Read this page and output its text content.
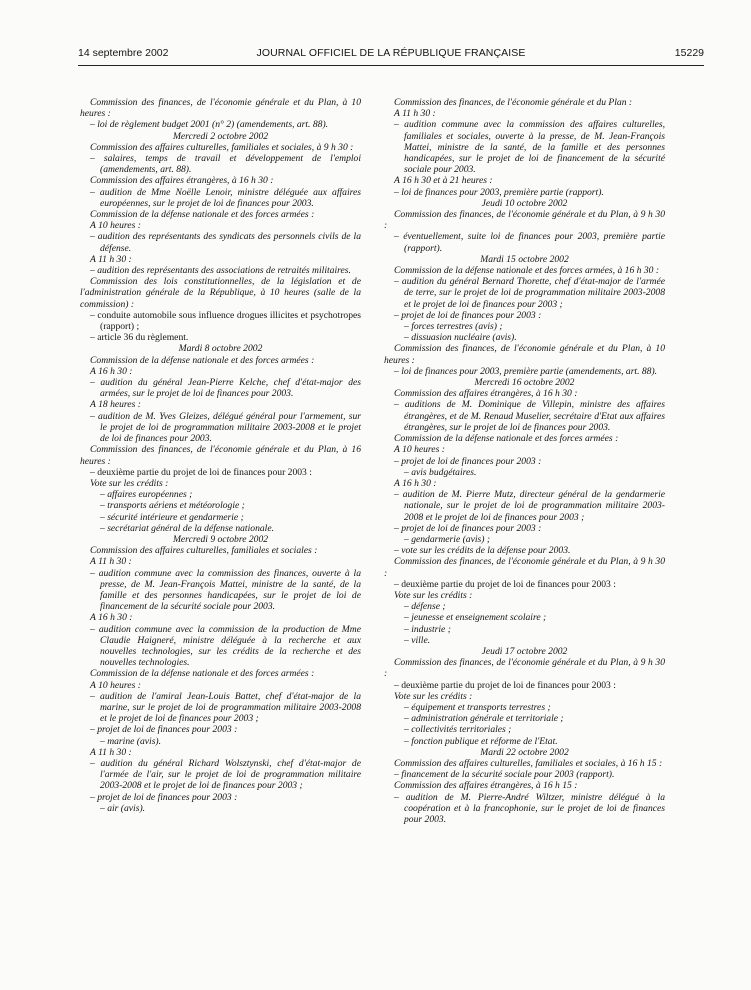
14 septembre 2002	JOURNAL OFFICIEL DE LA RÉPUBLIQUE FRANÇAISE	15229

Commission des finances, de l'économie générale et du Plan, à 10 heures :

– loi de règlement budget 2001 (n° 2) (amendements, art. 88).

Mercredi 2 octobre 2002

Commission des affaires culturelles, familiales et sociales, à 9 h 30 :

– salaires, temps de travail et développement de l'emploi (amendements, art. 88).

Commission des affaires étrangères, à 16 h 30 :

– audition de Mme Noëlle Lenoir, ministre déléguée aux affaires européennes, sur le projet de loi de finances pour 2003.

Commission de la défense nationale et des forces armées :

A 10 heures :

– audition des représentants des syndicats des personnels civils de la défense.

A 11 h 30 :

– audition des représentants des associations de retraités militaires.

Commission des lois constitutionnelles, de la législation et de l'administration générale de la République, à 10 heures (salle de la commission) :

– conduite automobile sous influence drogues illicites et psychotropes (rapport) ;

– article 36 du règlement.

Mardi 8 octobre 2002

Commission de la défense nationale et des forces armées :

A 16 h 30 :

– audition du général Jean-Pierre Kelche, chef d'état-major des armées, sur le projet de loi de finances pour 2003.

A 18 heures :

– audition de M. Yves Gleizes, délégué général pour l'armement, sur le projet de loi de programmation militaire 2003-2008 et le projet de loi de finances pour 2003.

Commission des finances, de l'économie générale et du Plan, à 16 heures :

– deuxième partie du projet de loi de finances pour 2003 :

Vote sur les crédits :

– affaires européennes ;

– transports aériens et météorologie ;

– sécurité intérieure et gendarmerie ;

– secrétariat général de la défense nationale.

Mercredi 9 octobre 2002

Commission des affaires culturelles, familiales et sociales :

A 11 h 30 :

– audition commune avec la commission des finances, ouverte à la presse, de M. Jean-François Mattei, ministre de la santé, de la famille et des personnes handicapées, sur le projet de loi de financement de la sécurité sociale pour 2003.

A 16 h 30 :

– audition commune avec la commission de la production de Mme Claudie Haigneré, ministre déléguée à la recherche et aux nouvelles technologies, sur les crédits de la recherche et des nouvelles technologies.

Commission de la défense nationale et des forces armées :

A 10 heures :

– audition de l'amiral Jean-Louis Battet, chef d'état-major de la marine, sur le projet de loi de programmation militaire 2003-2008 et le projet de loi de finances pour 2003 ;

– projet de loi de finances pour 2003 :

– marine (avis).

A 11 h 30 :

– audition du général Richard Wolsztynski, chef d'état-major de l'armée de l'air, sur le projet de loi de programmation militaire 2003-2008 et le projet de loi de finances pour 2003 ;

– projet de loi de finances pour 2003 :

– air (avis).

Commission des finances, de l'économie générale et du Plan :

A 11 h 30 :

– audition commune avec la commission des affaires culturelles, familiales et sociales, ouverte à la presse, de M. Jean-François Mattei, ministre de la santé, de la famille et des personnes handicapées, sur le projet de loi de financement de la sécurité sociale pour 2003.

A 16 h 30 et à 21 heures :

– loi de finances pour 2003, première partie (rapport).

Jeudi 10 octobre 2002

Commission des finances, de l'économie générale et du Plan, à 9 h 30 :

– éventuellement, suite loi de finances pour 2003, première partie (rapport).

Mardi 15 octobre 2002

Commission de la défense nationale et des forces armées, à 16 h 30 :

– audition du général Bernard Thorette, chef d'état-major de l'armée de terre, sur le projet de loi de programmation militaire 2003-2008 et le projet de loi de finances pour 2003 ;

– projet de loi de finances pour 2003 :

– forces terrestres (avis) ;

– dissuasion nucléaire (avis).

Commission des finances, de l'économie générale et du Plan, à 10 heures :

– loi de finances pour 2003, première partie (amendements, art. 88).

Mercredi 16 octobre 2002

Commission des affaires étrangères, à 16 h 30 :

– auditions de M. Dominique de Villepin, ministre des affaires étrangères, et de M. Renaud Muselier, secrétaire d'Etat aux affaires étrangères, sur le projet de loi de finances pour 2003.

Commission de la défense nationale et des forces armées :

A 10 heures :

– projet de loi de finances pour 2003 :

– avis budgétaires.

A 16 h 30 :

– audition de M. Pierre Mutz, directeur général de la gendarmerie nationale, sur le projet de loi de programmation militaire 2003-2008 et le projet de loi de finances pour 2003 ;

– projet de loi de finances pour 2003 :

– gendarmerie (avis) ;

– vote sur les crédits de la défense pour 2003.

Commission des finances, de l'économie générale et du Plan, à 9 h 30 :

– deuxième partie du projet de loi de finances pour 2003 :

Vote sur les crédits :

– défense ;

– jeunesse et enseignement scolaire ;

– industrie ;

– ville.

Jeudi 17 octobre 2002

Commission des finances, de l'économie générale et du Plan, à 9 h 30 :

– deuxième partie du projet de loi de finances pour 2003 :

Vote sur les crédits :

– équipement et transports terrestres ;

– administration générale et territoriale ;

– collectivités territoriales ;

– fonction publique et réforme de l'Etat.

Mardi 22 octobre 2002

Commission des affaires culturelles, familiales et sociales, à 16 h 15 :

– financement de la sécurité sociale pour 2003 (rapport).

Commission des affaires étrangères, à 16 h 15 :

– audition de M. Pierre-André Wiltzer, ministre délégué à la coopération et à la francophonie, sur le projet de loi de finances pour 2003.
